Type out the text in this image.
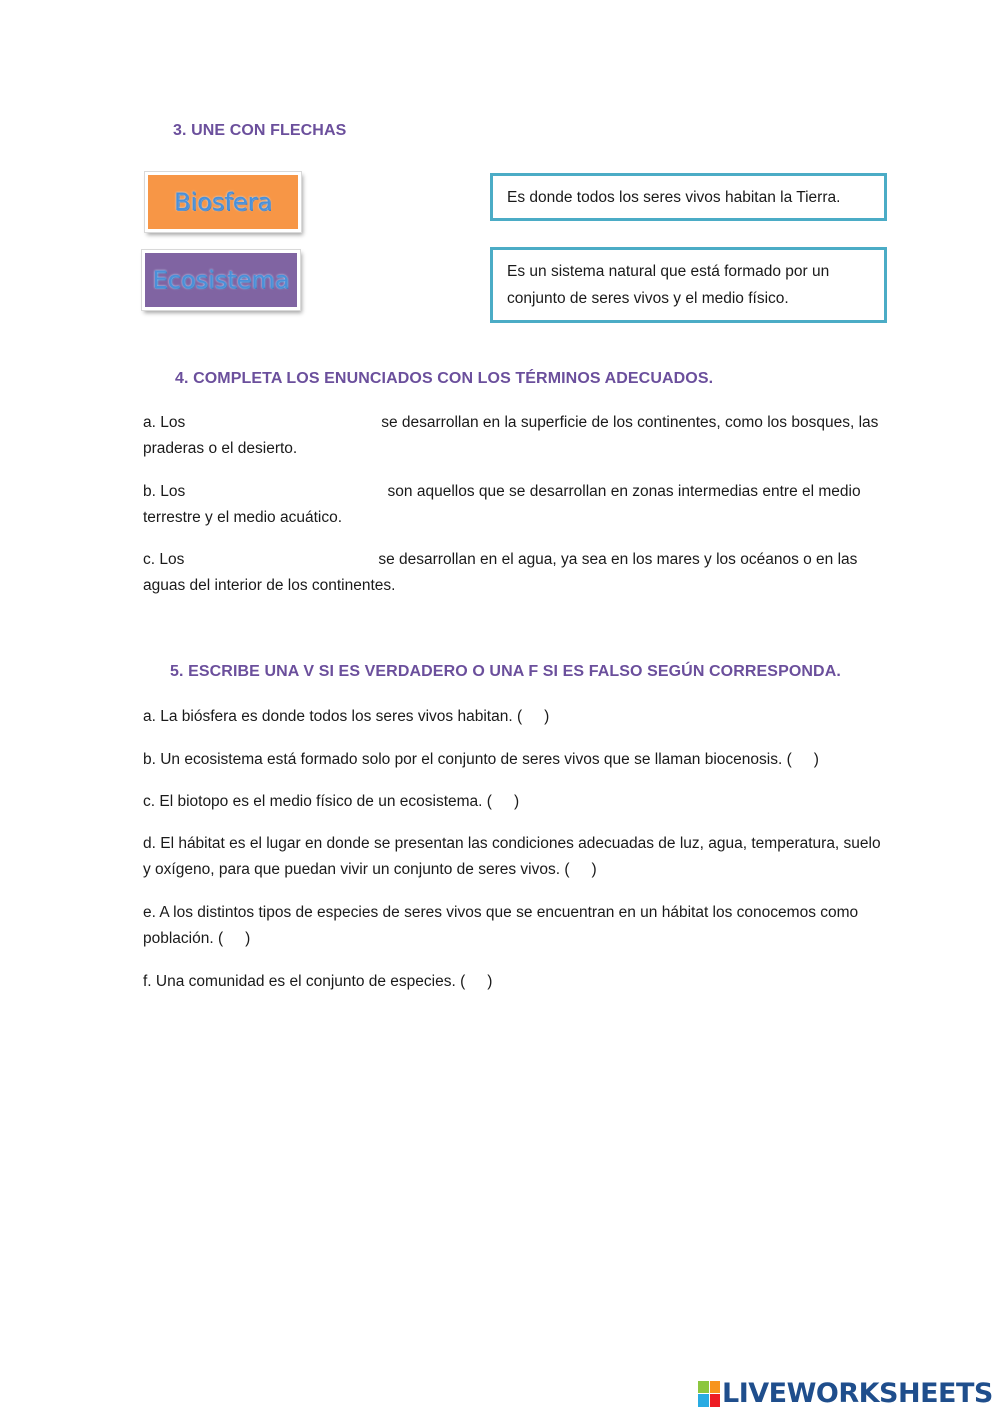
3. UNE CON FLECHAS
Biosfera
Ecosistema
Es donde todos los seres vivos habitan la Tierra.
Es un sistema natural que está formado por un conjunto de seres vivos y el medio físico.
4. COMPLETA LOS ENUNCIADOS CON LOS TÉRMINOS ADECUADOS.

a. Los	se desarrollan en la superficie de los continentes, como los bosques, las praderas o el desierto.

b. Los	son aquellos que se desarrollan en zonas intermedias entre el medio terrestre y el medio acuático.

c. Los	se desarrollan en el agua, ya sea en los mares y los océanos o en las aguas del interior de los continentes.

5. ESCRIBE UNA V SI ES VERDADERO O UNA F SI ES FALSO SEGÚN CORRESPONDA.

a. La biósfera es donde todos los seres vivos habitan. ( )

b. Un ecosistema está formado solo por el conjunto de seres vivos que se llaman biocenosis. ( )

c. El biotopo es el medio físico de un ecosistema. ( )

d. El hábitat es el lugar en donde se presentan las condiciones adecuadas de luz, agua, temperatura, suelo y oxígeno, para que puedan vivir un conjunto de seres vivos. ( )

e. A los distintos tipos de especies de seres vivos que se encuentran en un hábitat los conocemos como población. ( )

f. Una comunidad es el conjunto de especies. ( )

LIVEWORKSHEETS
